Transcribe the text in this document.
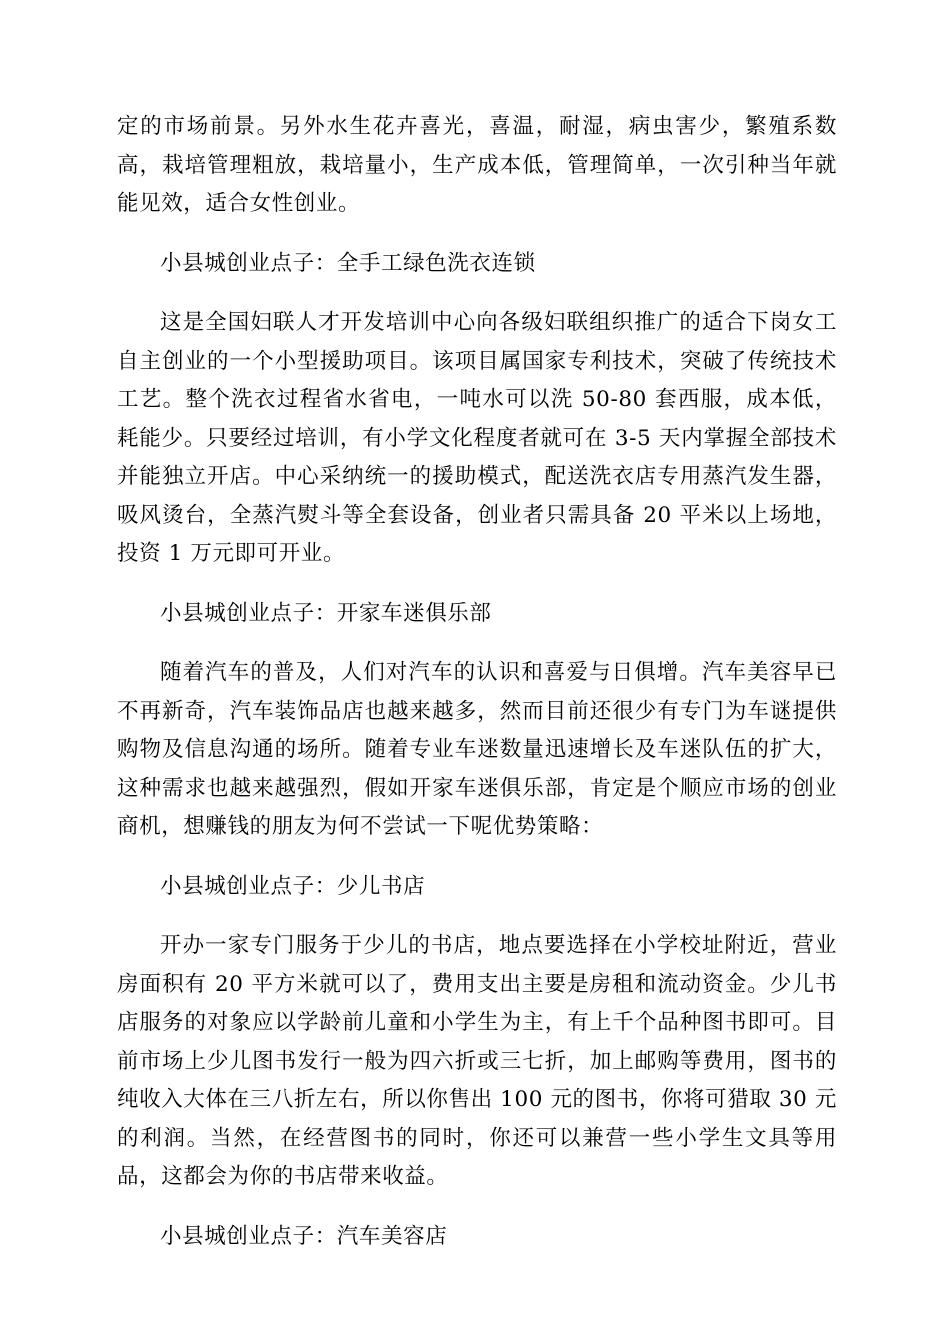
定的市场前景。另外水生花卉喜光，喜温，耐湿，病虫害少，繁殖系数高，栽培管理粗放，栽培量小，生产成本低，管理简单，一次引种当年就能见效，适合女性创业。

小县城创业点子：全手工绿色洗衣连锁

这是全国妇联人才开发培训中心向各级妇联组织推广的适合下岗女工自主创业的一个小型援助项目。该项目属国家专利技术，突破了传统技术工艺。整个洗衣过程省水省电，一吨水可以洗 50-80 套西服，成本低，耗能少。只要经过培训，有小学文化程度者就可在 3-5 天内掌握全部技术并能独立开店。中心采纳统一的援助模式，配送洗衣店专用蒸汽发生器，吸风烫台，全蒸汽熨斗等全套设备，创业者只需具备 20 平米以上场地，投资 1 万元即可开业。

小县城创业点子：开家车迷俱乐部

随着汽车的普及，人们对汽车的认识和喜爱与日俱增。汽车美容早已不再新奇，汽车装饰品店也越来越多，然而目前还很少有专门为车谜提供购物及信息沟通的场所。随着专业车迷数量迅速增长及车迷队伍的扩大，这种需求也越来越强烈，假如开家车迷俱乐部，肯定是个顺应市场的创业商机，想赚钱的朋友为何不尝试一下呢优势策略：

小县城创业点子：少儿书店

开办一家专门服务于少儿的书店，地点要选择在小学校址附近，营业房面积有 20 平方米就可以了，费用支出主要是房租和流动资金。少儿书店服务的对象应以学龄前儿童和小学生为主，有上千个品种图书即可。目前市场上少儿图书发行一般为四六折或三七折，加上邮购等费用，图书的纯收入大体在三八折左右，所以你售出 100 元的图书，你将可猎取 30 元的利润。当然，在经营图书的同时，你还可以兼营一些小学生文具等用品，这都会为你的书店带来收益。

小县城创业点子：汽车美容店
